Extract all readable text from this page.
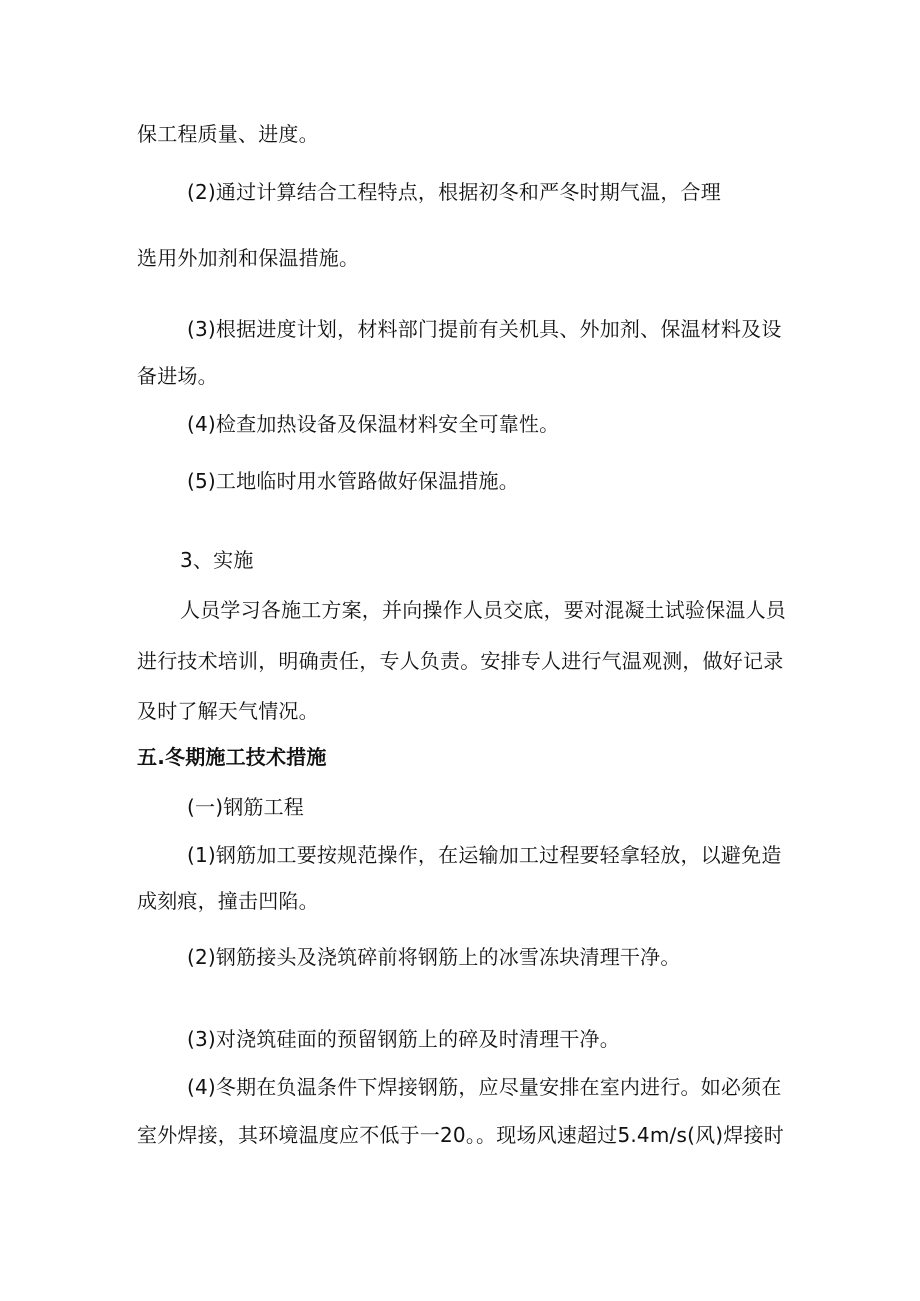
保工程质量、进度。
(2)通过计算结合工程特点，根据初冬和严冬时期气温，合理
选用外加剂和保温措施。
(3)根据进度计划，材料部门提前有关机具、外加剂、保温材料及设
备进场。
(4)检查加热设备及保温材料安全可靠性。
(5)工地临时用水管路做好保温措施。
3、实施
人员学习各施工方案，并向操作人员交底，要对混凝土试验保温人员
进行技术培训，明确责任，专人负责。安排专人进行气温观测，做好记录
及时了解天气情况。
五.冬期施工技术措施
(一)钢筋工程
(1)钢筋加工要按规范操作，在运输加工过程要轻拿轻放，以避免造
成刻痕，撞击凹陷。
(2)钢筋接头及浇筑碎前将钢筋上的冰雪冻块清理干净。
(3)对浇筑硅面的预留钢筋上的碎及时清理干净。
(4)冬期在负温条件下焊接钢筋，应尽量安排在室内进行。如必须在
室外焊接，其环境温度应不低于一20。。现场风速超过5.4m∕s(风)焊接时
